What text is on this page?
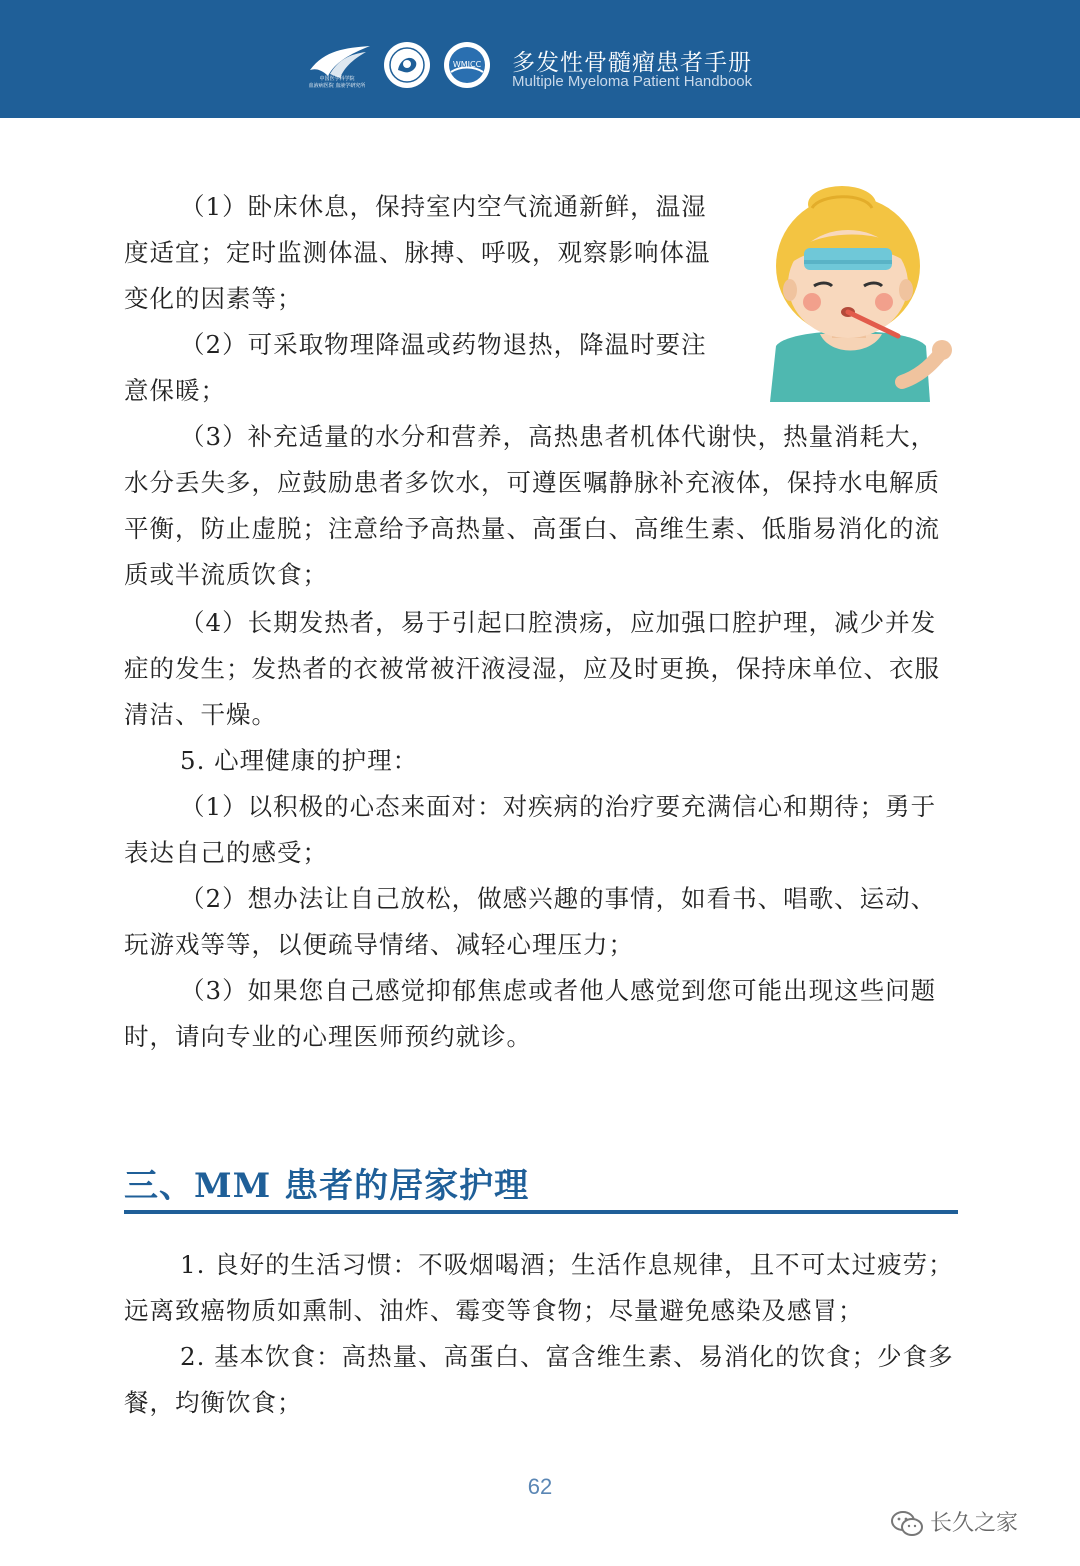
中国医学科学院
血液病医院 血液学研究所
WMICC 多发性骨髓瘤患者手册
Multiple Myeloma Patient Handbook

（1）卧床休息，保持室内空气流通新鲜，温湿度适宜；定时监测体温、脉搏、呼吸，观察影响体温变化的因素等；

（2）可采取物理降温或药物退热，降温时要注意保暖；

（3）补充适量的水分和营养，高热患者机体代谢快，热量消耗大，水分丢失多，应鼓励患者多饮水，可遵医嘱静脉补充液体，保持水电解质平衡，防止虚脱；注意给予高热量、高蛋白、高维生素、低脂易消化的流质或半流质饮食；

（4）长期发热者，易于引起口腔溃疡，应加强口腔护理，减少并发症的发生；发热者的衣被常被汗液浸湿，应及时更换，保持床单位、衣服清洁、干燥。

5. 心理健康的护理：

（1）以积极的心态来面对：对疾病的治疗要充满信心和期待；勇于表达自己的感受；

（2）想办法让自己放松，做感兴趣的事情，如看书、唱歌、运动、玩游戏等等，以便疏导情绪、减轻心理压力；

（3）如果您自己感觉抑郁焦虑或者他人感觉到您可能出现这些问题时，请向专业的心理医师预约就诊。

三、MM 患者的居家护理

1. 良好的生活习惯：不吸烟喝酒；生活作息规律，且不可太过疲劳；远离致癌物质如熏制、油炸、霉变等食物；尽量避免感染及感冒；

2. 基本饮食：高热量、高蛋白、富含维生素、易消化的饮食；少食多餐，均衡饮食；

62
长久之家
